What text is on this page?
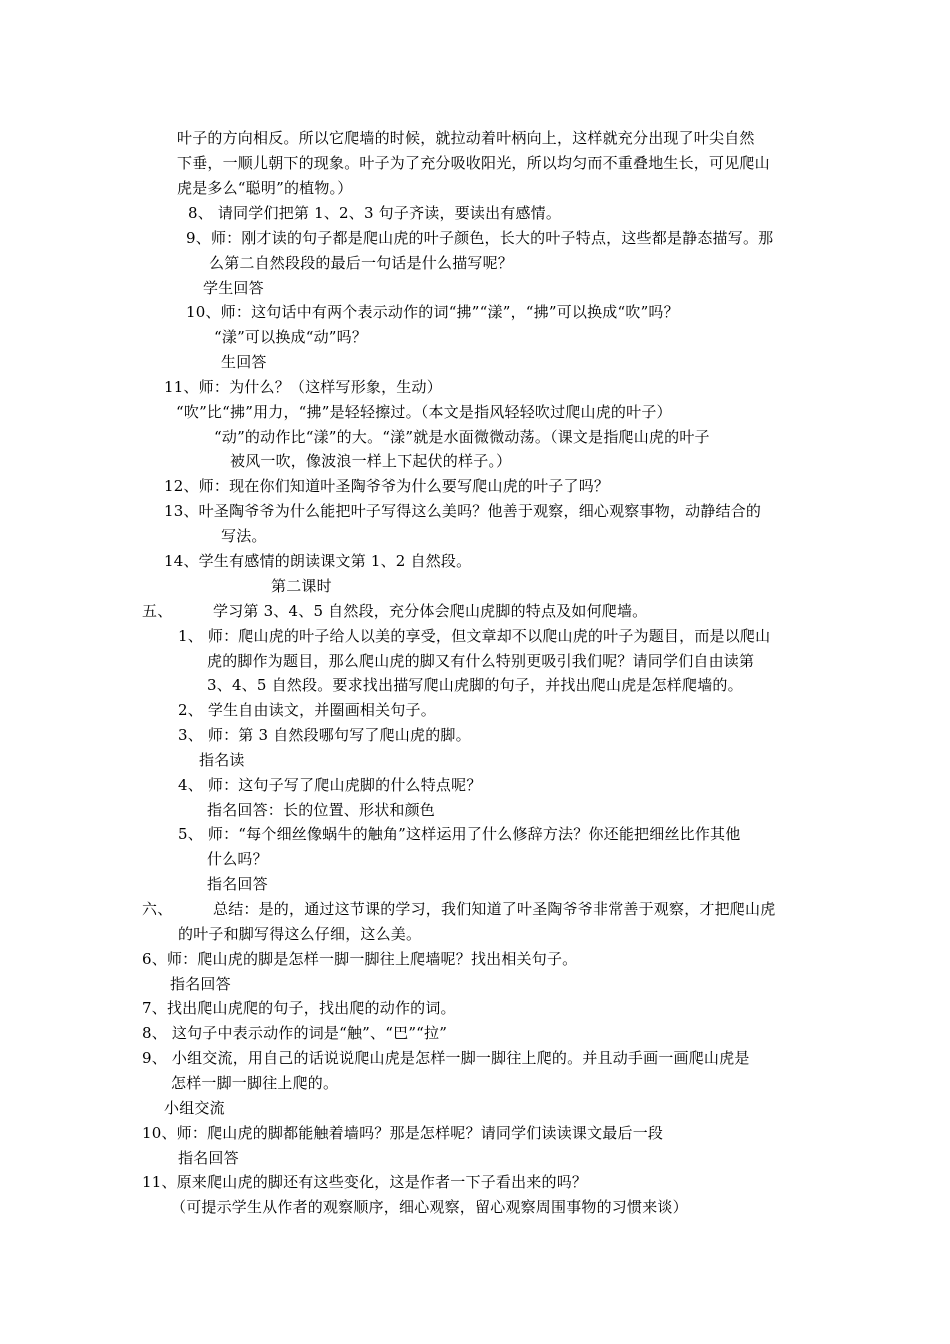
叶子的方向相反。所以它爬墙的时候，就拉动着叶柄向上，这样就充分出现了叶尖自然
下垂，一顺儿朝下的现象。叶子为了充分吸收阳光，所以均匀而不重叠地生长，可见爬山
虎是多么“聪明”的植物。）
8、 请同学们把第 1、2、3 句子齐读，要读出有感情。
9、师：刚才读的句子都是爬山虎的叶子颜色，长大的叶子特点，这些都是静态描写。那
么第二自然段段的最后一句话是什么描写呢？
学生回答
10、师：这句话中有两个表示动作的词“拂”“漾”，“拂”可以换成“吹”吗？
“漾”可以换成“动”吗？
生回答
11、师：为什么？（这样写形象，生动）
“吹”比“拂”用力，“拂”是轻轻擦过。（本文是指风轻轻吹过爬山虎的叶子）
“动”的动作比“漾”的大。“漾”就是水面微微动荡。（课文是指爬山虎的叶子
被风一吹，像波浪一样上下起伏的样子。）
12、师：现在你们知道叶圣陶爷爷为什么要写爬山虎的叶子了吗？
13、叶圣陶爷爷为什么能把叶子写得这么美吗？他善于观察，细心观察事物，动静结合的
写法。
14、学生有感情的朗读课文第 1、2 自然段。
第二课时
五、	学习第 3、4、5 自然段，充分体会爬山虎脚的特点及如何爬墙。
1、 师：爬山虎的叶子给人以美的享受，但文章却不以爬山虎的叶子为题目，而是以爬山
虎的脚作为题目，那么爬山虎的脚又有什么特别更吸引我们呢？请同学们自由读第
3、4、5 自然段。要求找出描写爬山虎脚的句子，并找出爬山虎是怎样爬墙的。
2、 学生自由读文，并圈画相关句子。
3、 师：第 3 自然段哪句写了爬山虎的脚。
指名读
4、 师：这句子写了爬山虎脚的什么特点呢？
指名回答：长的位置、形状和颜色
5、 师：“每个细丝像蜗牛的触角”这样运用了什么修辞方法？你还能把细丝比作其他
什么吗？
指名回答
六、	总结：是的，通过这节课的学习，我们知道了叶圣陶爷爷非常善于观察，才把爬山虎
的叶子和脚写得这么仔细，这么美。
6、师：爬山虎的脚是怎样一脚一脚往上爬墙呢？找出相关句子。
指名回答
7、找出爬山虎爬的句子，找出爬的动作的词。
8、 这句子中表示动作的词是“触”、“巴”“拉”
9、 小组交流，用自己的话说说爬山虎是怎样一脚一脚往上爬的。并且动手画一画爬山虎是
怎样一脚一脚往上爬的。
小组交流
10、师：爬山虎的脚都能触着墙吗？那是怎样呢？请同学们读读课文最后一段
指名回答
11、原来爬山虎的脚还有这些变化，这是作者一下子看出来的吗？
（可提示学生从作者的观察顺序，细心观察，留心观察周围事物的习惯来谈）
